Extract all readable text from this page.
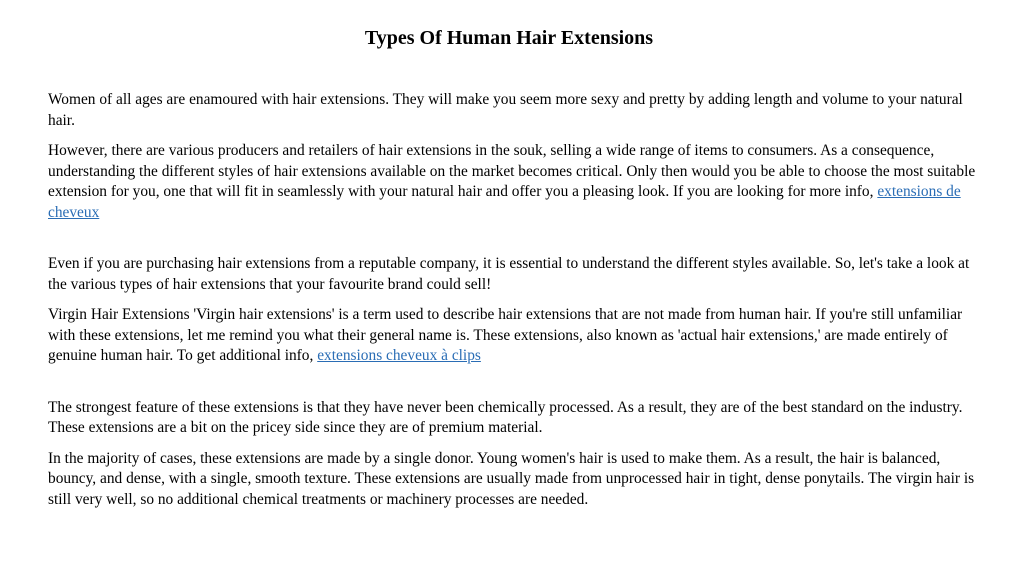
Types Of Human Hair Extensions

Women of all ages are enamoured with hair extensions. They will make you seem more sexy and pretty by adding length and volume to your natural hair.

However, there are various producers and retailers of hair extensions in the souk, selling a wide range of items to consumers. As a consequence, understanding the different styles of hair extensions available on the market becomes critical. Only then would you be able to choose the most suitable extension for you, one that will fit in seamlessly with your natural hair and offer you a pleasing look. If you are looking for more info, extensions de cheveux

Even if you are purchasing hair extensions from a reputable company, it is essential to understand the different styles available. So, let's take a look at the various types of hair extensions that your favourite brand could sell!

Virgin Hair Extensions 'Virgin hair extensions' is a term used to describe hair extensions that are not made from human hair. If you're still unfamiliar with these extensions, let me remind you what their general name is. These extensions, also known as 'actual hair extensions,' are made entirely of genuine human hair. To get additional info, extensions cheveux à clips

The strongest feature of these extensions is that they have never been chemically processed. As a result, they are of the best standard on the industry. These extensions are a bit on the pricey side since they are of premium material.

In the majority of cases, these extensions are made by a single donor. Young women's hair is used to make them. As a result, the hair is balanced, bouncy, and dense, with a single, smooth texture. These extensions are usually made from unprocessed hair in tight, dense ponytails. The virgin hair is still very well, so no additional chemical treatments or machinery processes are needed.
